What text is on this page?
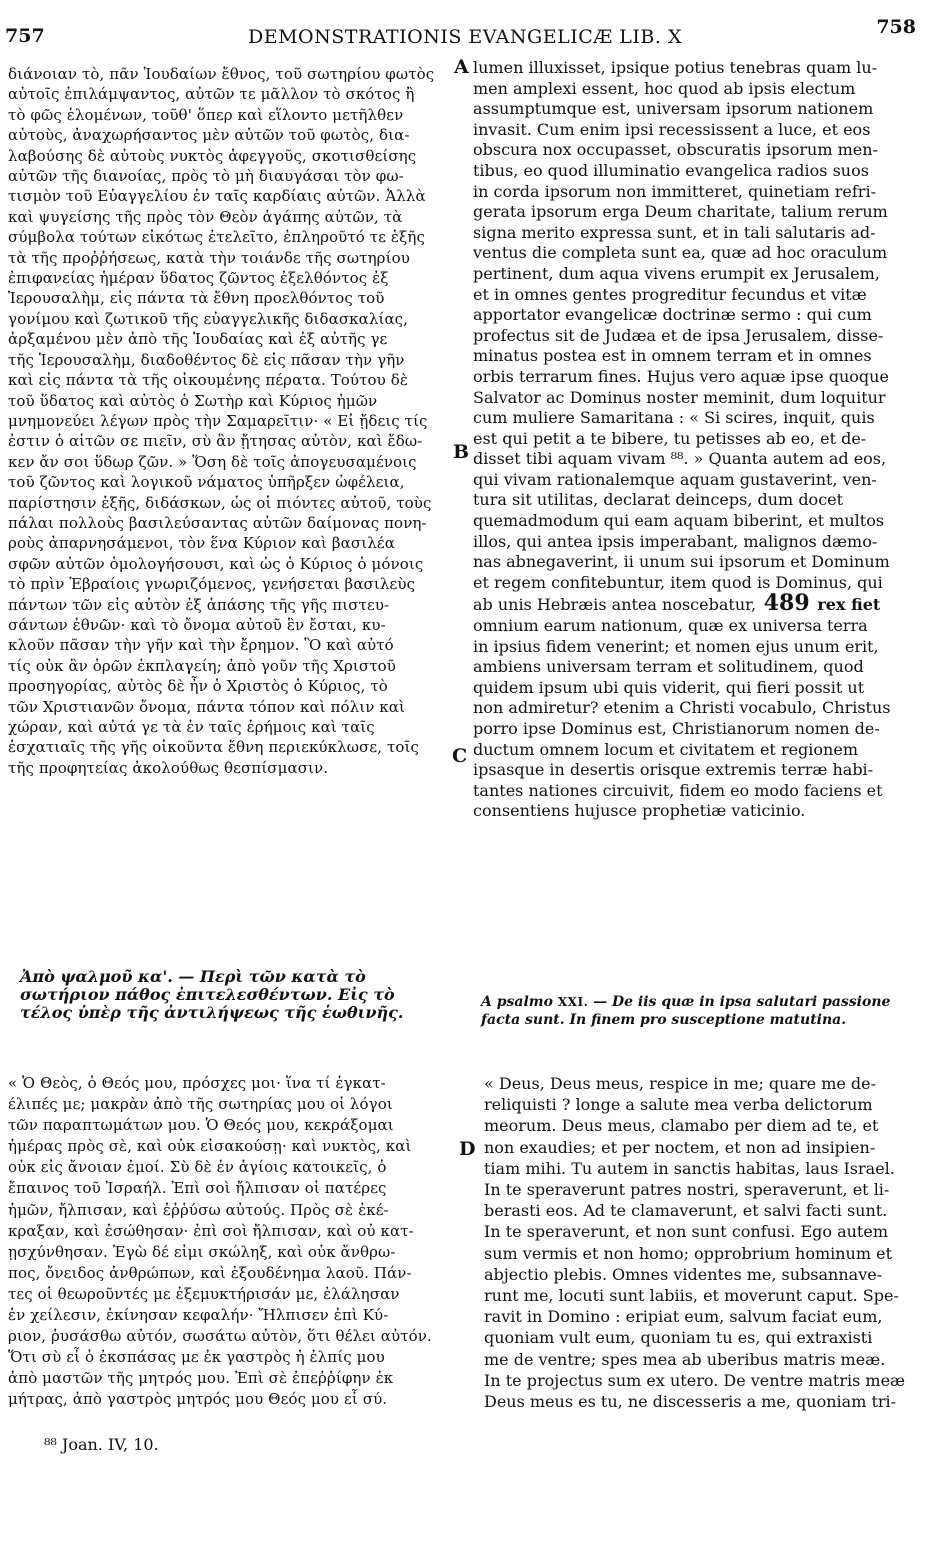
757	DEMONSTRATIONIS EVANGELICÆ LIB. X	758
A
B
C
D
διάνοιαν τὸ, πᾶν Ἰουδαίων ἔθνος, τοῦ σωτηρίου φωτὸς
αὐτοῖς ἐπιλάμψαντος, αὐτῶν τε μᾶλλον τὸ σκότος ἢ
τὸ φῶς ἑλομένων, τοῦθ' ὅπερ καὶ εἵλοντο μετῆλθεν
αὐτοὺς, ἀναχωρήσαντος μὲν αὐτῶν τοῦ φωτὸς, δια-
λαβούσης δὲ αὐτοὺς νυκτὸς ἀφεγγοῦς, σκοτισθείσης
αὐτῶν τῆς διανοίας, πρὸς τὸ μὴ διαυγάσαι τὸν φω-
τισμὸν τοῦ Εὐαγγελίου ἐν ταῖς καρδίαις αὐτῶν. Ἀλλὰ
καὶ ψυγείσης τῆς πρὸς τὸν Θεὸν ἀγάπης αὐτῶν, τὰ
σύμβολα τούτων εἰκότως ἐτελεῖτο, ἐπληροῦτό τε ἑξῆς
τὰ τῆς προῤῥήσεως, κατὰ τὴν τοιάνδε τῆς σωτηρίου
ἐπιφανείας ἡμέραν ὕδατος ζῶντος ἐξελθόντος ἐξ
Ἱερουσαλὴμ, εἰς πάντα τὰ ἔθνη προελθόντος τοῦ
γονίμου καὶ ζωτικοῦ τῆς εὐαγγελικῆς διδασκαλίας,
ἀρξαμένου μὲν ἀπὸ τῆς Ἰουδαίας καὶ ἐξ αὐτῆς γε
τῆς Ἱερουσαλὴμ, διαδοθέντος δὲ εἰς πᾶσαν τὴν γῆν
καὶ εἰς πάντα τὰ τῆς οἰκουμένης πέρατα. Τούτου δὲ
τοῦ ὕδατος καὶ αὐτὸς ὁ Σωτὴρ καὶ Κύριος ἡμῶν
μνημονεύει λέγων πρὸς τὴν Σαμαρεῖτιν· « Εἰ ᾔδεις τίς
ἐστιν ὁ αἰτῶν σε πιεῖν, σὺ ἂν ᾔτησας αὐτὸν, καὶ ἔδω-
κεν ἄν σοι ὕδωρ ζῶν. » Ὅση δὲ τοῖς ἀπογευσαμένοις
τοῦ ζῶντος καὶ λογικοῦ νάματος ὑπῆρξεν ὠφέλεια,
παρίστησιν ἑξῆς, διδάσκων, ὡς οἱ πιόντες αὐτοῦ, τοὺς
πάλαι πολλοὺς βασιλεύσαντας αὐτῶν δαίμονας πονη-
ροὺς ἀπαρνησάμενοι, τὸν ἕνα Κύριον καὶ βασιλέα
σφῶν αὐτῶν ὁμολογήσουσι, καὶ ὡς ὁ Κύριος ὁ μόνοις
τὸ πρὶν Ἑβραίοις γνωριζόμενος, γενήσεται βασιλεὺς
πάντων τῶν εἰς αὐτὸν ἐξ ἁπάσης τῆς γῆς πιστευ-
σάντων ἐθνῶν· καὶ τὸ ὄνομα αὐτοῦ ἓν ἔσται, κυ-
κλοῦν πᾶσαν τὴν γῆν καὶ τὴν ἔρημον. Ὃ καὶ αὐτό
τίς οὐκ ἂν ὁρῶν ἐκπλαγείη; ἀπὸ γοῦν τῆς Χριστοῦ
προσηγορίας, αὐτὸς δὲ ἦν ὁ Χριστὸς ὁ Κύριος, τὸ
τῶν Χριστιανῶν ὄνομα, πάντα τόπον καὶ πόλιν καὶ
χώραν, καὶ αὐτά γε τὰ ἐν ταῖς ἐρήμοις καὶ ταῖς
ἐσχατιαῖς τῆς γῆς οἰκοῦντα ἔθνη περιεκύκλωσε, τοῖς
τῆς προφητείας ἀκολούθως θεσπίσμασιν.
lumen illuxisset, ipsique potius tenebras quam lu-
men amplexi essent, hoc quod ab ipsis electum
assumptumque est, universam ipsorum nationem
invasit. Cum enim ipsi recessissent a luce, et eos
obscura nox occupasset, obscuratis ipsorum men-
tibus, eo quod illuminatio evangelica radios suos
in corda ipsorum non immitteret, quinetiam refri-
gerata ipsorum erga Deum charitate, talium rerum
signa merito expressa sunt, et in tali salutaris ad-
ventus die completa sunt ea, quæ ad hoc oraculum
pertinent, dum aqua vivens erumpit ex Jerusalem,
et in omnes gentes progreditur fecundus et vitæ
apportator evangelicæ doctrinæ sermo : qui cum
profectus sit de Judæa et de ipsa Jerusalem, disse-
minatus postea est in omnem terram et in omnes
orbis terrarum fines. Hujus vero aquæ ipse quoque
Salvator ac Dominus noster meminit, dum loquitur
cum muliere Samaritana : « Si scires, inquit, quis
est qui petit a te bibere, tu petisses ab eo, et de-
disset tibi aquam vivam ⁸⁸. » Quanta autem ad eos,
qui vivam rationalemque aquam gustaverint, ven-
tura sit utilitas, declarat deinceps, dum docet
quemadmodum qui eam aquam biberint, et multos
illos, qui antea ipsis imperabant, malignos dæmo-
nas abnegaverint, ii unum sui ipsorum et Dominum
et regem confitebuntur, item quod is Dominus, qui
ab unis Hebræis antea noscebatur, 489 rex fiet
omnium earum nationum, quæ ex universa terra
in ipsius fidem venerint; et nomen ejus unum erit,
ambiens universam terram et solitudinem, quod
quidem ipsum ubi quis viderit, qui fieri possit ut
non admiretur? etenim a Christi vocabulo, Christus
porro ipse Dominus est, Christianorum nomen de-
ductum omnem locum et civitatem et regionem
ipsasque in desertis orisque extremis terræ habi-
tantes nationes circuivit, fidem eo modo faciens et
consentiens hujusce prophetiæ vaticinio.
Ἀπὸ ψαλμοῦ κα'. — Περὶ τῶν κατὰ τὸ σωτήριον πάθος ἐπιτελεσθέντων. Εἰς τὸ τέλος ὑπὲρ τῆς ἀντιλήψεως τῆς ἑωθινῆς.
A psalmo XXI. — De iis quæ in ipsa salutari passione facta sunt. In finem pro susceptione matutina.
« Ὁ Θεὸς, ὁ Θεός μου, πρόσχες μοι· ἵνα τί ἐγκατ-
έλιπές με; μακρὰν ἀπὸ τῆς σωτηρίας μου οἱ λόγοι
τῶν παραπτωμάτων μου. Ὁ Θεός μου, κεκράξομαι
ἡμέρας πρὸς σὲ, καὶ οὐκ εἰσακούσῃ· καὶ νυκτὸς, καὶ
οὐκ εἰς ἄνοιαν ἐμοί. Σὺ δὲ ἐν ἁγίοις κατοικεῖς, ὁ
ἔπαινος τοῦ Ἰσραήλ. Ἐπὶ σοὶ ἤλπισαν οἱ πατέρες
ἡμῶν, ἤλπισαν, καὶ ἐῤῥύσω αὐτούς. Πρὸς σὲ ἐκέ-
κραξαν, καὶ ἐσώθησαν· ἐπὶ σοὶ ἤλπισαν, καὶ οὐ κατ-
ῃσχύνθησαν. Ἐγὼ δέ εἰμι σκώληξ, καὶ οὐκ ἄνθρω-
πος, ὄνειδος ἀνθρώπων, καὶ ἐξουδένημα λαοῦ. Πάν-
τες οἱ θεωροῦντές με ἐξεμυκτήρισάν με, ἐλάλησαν
ἐν χείλεσιν, ἐκίνησαν κεφαλήν· Ἤλπισεν ἐπὶ Κύ-
ριον, ῥυσάσθω αὐτόν, σωσάτω αὐτὸν, ὅτι θέλει αὐτόν.
Ὅτι σὺ εἶ ὁ ἐκσπάσας με ἐκ γαστρὸς ἡ ἐλπίς μου
ἀπὸ μαστῶν τῆς μητρός μου. Ἐπὶ σὲ ἐπεῤῥίφην ἐκ
μήτρας, ἀπὸ γαστρὸς μητρός μου Θεός μου εἶ σύ.
« Deus, Deus meus, respice in me; quare me de-
reliquisti ? longe a salute mea verba delictorum
meorum. Deus meus, clamabo per diem ad te, et
non exaudies; et per noctem, et non ad insipien-
tiam mihi. Tu autem in sanctis habitas, laus Israel.
In te speraverunt patres nostri, speraverunt, et li-
berasti eos. Ad te clamaverunt, et salvi facti sunt.
In te speraverunt, et non sunt confusi. Ego autem
sum vermis et non homo; opprobrium hominum et
abjectio plebis. Omnes videntes me, subsannave-
runt me, locuti sunt labiis, et moverunt caput. Spe-
ravit in Domino : eripiat eum, salvum faciat eum,
quoniam vult eum, quoniam tu es, qui extraxisti
me de ventre; spes mea ab uberibus matris meæ.
In te projectus sum ex utero. De ventre matris meæ
Deus meus es tu, ne discesseris a me, quoniam tri-
⁸⁸ Joan. IV, 10.
